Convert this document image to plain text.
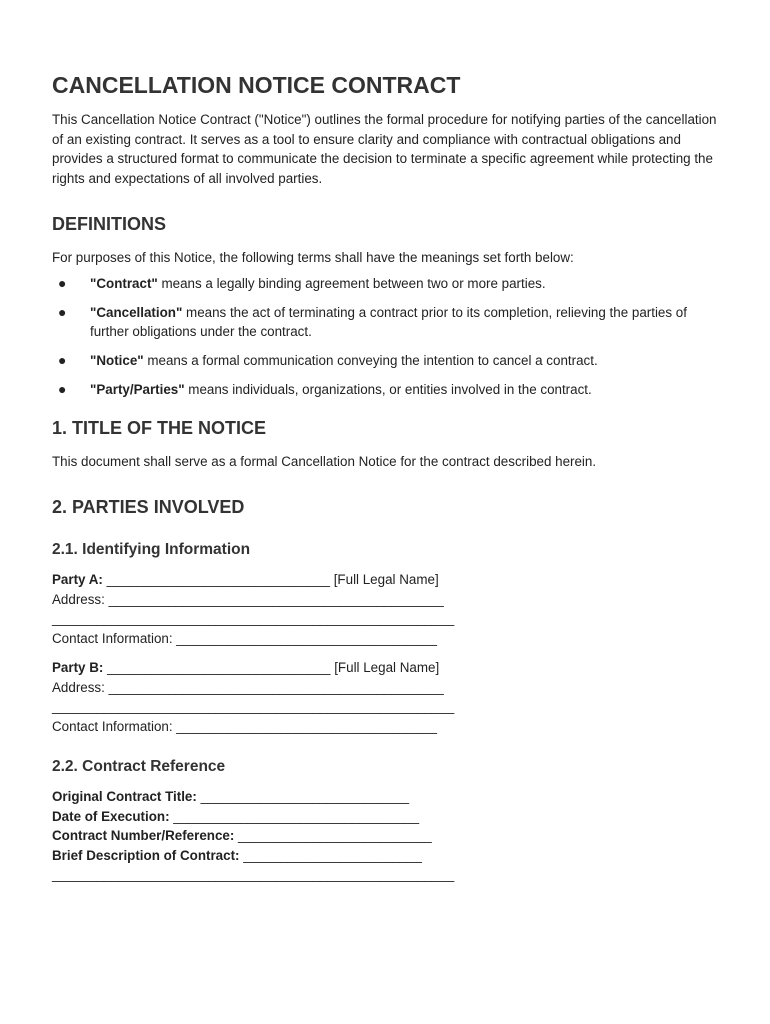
CANCELLATION NOTICE CONTRACT

This Cancellation Notice Contract ("Notice") outlines the formal procedure for notifying parties of the cancellation of an existing contract. It serves as a tool to ensure clarity and compliance with contractual obligations and provides a structured format to communicate the decision to terminate a specific agreement while protecting the rights and expectations of all involved parties.

DEFINITIONS

For purposes of this Notice, the following terms shall have the meanings set forth below:

● "Contract" means a legally binding agreement between two or more parties.
● "Cancellation" means the act of terminating a contract prior to its completion, relieving the parties of further obligations under the contract.
● "Notice" means a formal communication conveying the intention to cancel a contract.
● "Party/Parties" means individuals, organizations, or entities involved in the contract.
1. TITLE OF THE NOTICE

This document shall serve as a formal Cancellation Notice for the contract described herein.

2. PARTIES INVOLVED
2.1. Identifying Information
Party A: ______________________________ [Full Legal Name]
Address: _____________________________________________
______________________________________________________
Contact Information: ___________________________________
Party B: ______________________________ [Full Legal Name]
Address: _____________________________________________
______________________________________________________
Contact Information: ___________________________________
2.2. Contract Reference
Original Contract Title: ____________________________
Date of Execution: _________________________________
Contract Number/Reference: __________________________
Brief Description of Contract: ________________________
______________________________________________________
